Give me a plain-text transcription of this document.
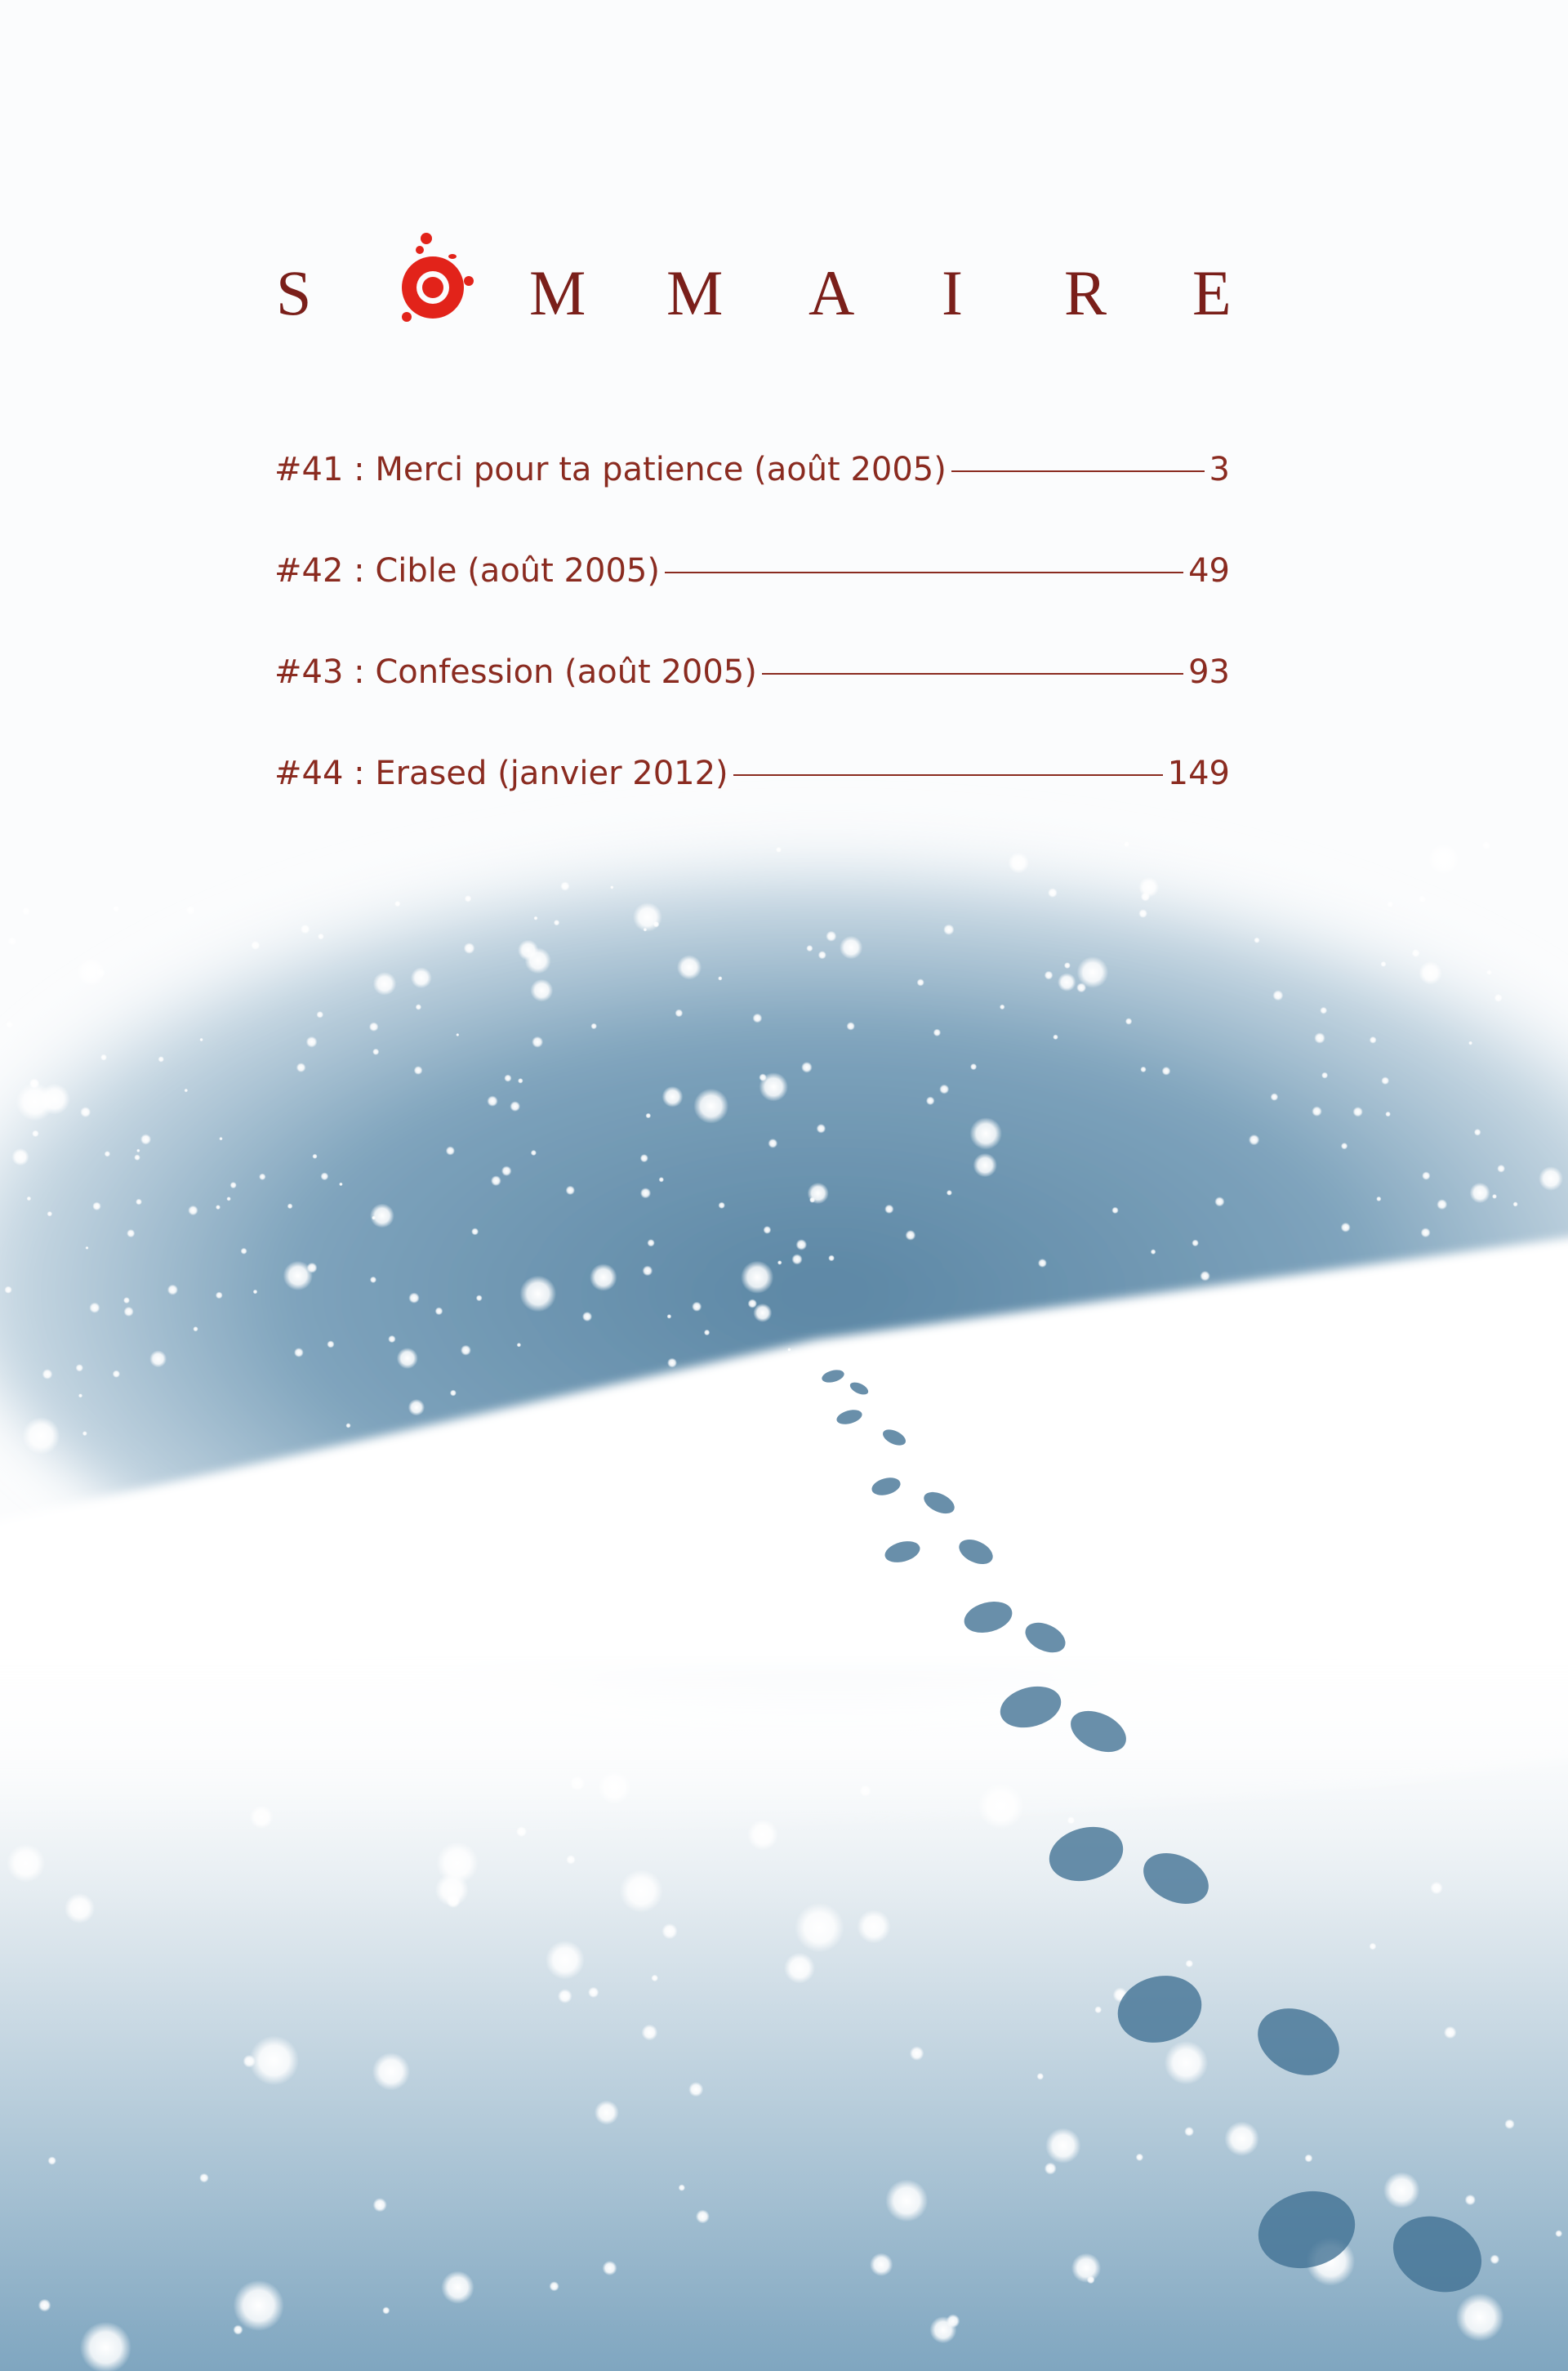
S	M M A I R E
#41 : Merci pour ta patience (août 2005)	3
#42 : Cible (août 2005)	49
#43 : Confession (août 2005)	93
#44 : Erased (janvier 2012)	149
